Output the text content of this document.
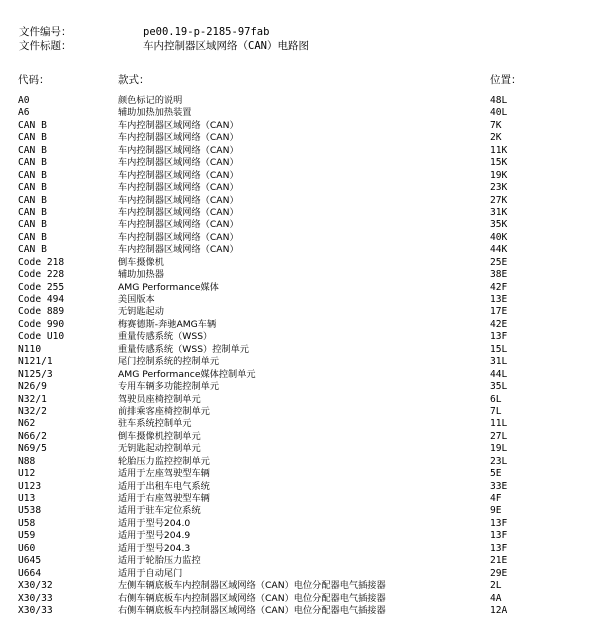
文件编号：	pe00.19-p-2185-97fab
文件标题：	车内控制器区域网络（CAN）电路图
代码：	款式：	位置：
A0	颜色标记的说明	48L
A6	辅助加热加热装置	40L
CAN B	车内控制器区域网络（CAN）	7K
CAN B	车内控制器区域网络（CAN）	2K
CAN B	车内控制器区域网络（CAN）	11K
CAN B	车内控制器区域网络（CAN）	15K
CAN B	车内控制器区域网络（CAN）	19K
CAN B	车内控制器区域网络（CAN）	23K
CAN B	车内控制器区域网络（CAN）	27K
CAN B	车内控制器区域网络（CAN）	31K
CAN B	车内控制器区域网络（CAN）	35K
CAN B	车内控制器区域网络（CAN）	40K
CAN B	车内控制器区域网络（CAN）	44K
Code 218	倒车摄像机	25E
Code 228	辅助加热器	38E
Code 255	AMG Performance媒体	42F
Code 494	美国版本	13E
Code 889	无钥匙起动	17E
Code 990	梅赛德斯-奔驰AMG车辆	42E
Code U10	重量传感系统（WSS）	13F
N110	重量传感系统（WSS）控制单元	15L
N121/1	尾门控制系统的控制单元	31L
N125/3	AMG Performance媒体控制单元	44L
N26/9	专用车辆多功能控制单元	35L
N32/1	驾驶员座椅控制单元	6L
N32/2	前排乘客座椅控制单元	7L
N62	驻车系统控制单元	11L
N66/2	倒车摄像机控制单元	27L
N69/5	无钥匙起动控制单元	19L
N88	轮胎压力监控控制单元	23L
U12	适用于左座驾驶型车辆	5E
U123	适用于出租车电气系统	33E
U13	适用于右座驾驶型车辆	4F
U538	适用于驻车定位系统	9E
U58	适用于型号204.0	13F
U59	适用于型号204.9	13F
U60	适用于型号204.3	13F
U645	适用于轮胎压力监控	21E
U664	适用于自动尾门	29E
X30/32	左侧车辆底板车内控制器区域网络（CAN）电位分配器电气插接器	2L
X30/33	右侧车辆底板车内控制器区域网络（CAN）电位分配器电气插接器	4A
X30/33	右侧车辆底板车内控制器区域网络（CAN）电位分配器电气插接器	12A
